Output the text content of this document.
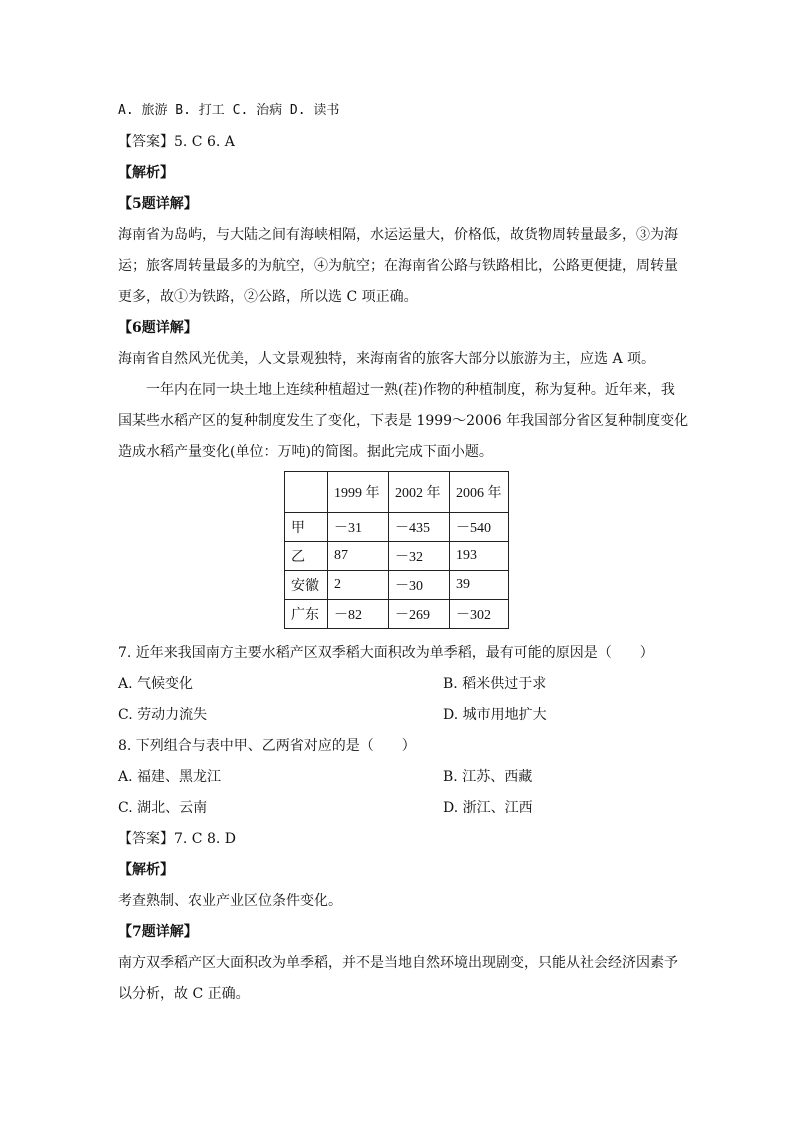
A. 旅游 B. 打工 C. 治病 D. 读书
【答案】5. C 6. A
【解析】
【5题详解】
海南省为岛屿，与大陆之间有海峡相隔，水运运量大，价格低，故货物周转量最多，③为海
运；旅客周转量最多的为航空，④为航空；在海南省公路与铁路相比，公路更便捷，周转量
更多，故①为铁路，②公路，所以选 C 项正确。
【6题详解】
海南省自然风光优美，人文景观独特，来海南省的旅客大部分以旅游为主，应选 A 项。
　　一年内在同一块土地上连续种植超过一熟(茬)作物的种植制度，称为复种。近年来，我
国某些水稻产区的复种制度发生了变化，下表是 1999～2006 年我国部分省区复种制度变化
造成水稻产量变化(单位：万吨)的简图。据此完成下面小题。
	1999 年	2002 年	2006 年
甲	－31	－435	－540
乙	87	－32	193
安徽	2	－30	39
广东	－82	－269	－302
7. 近年来我国南方主要水稻产区双季稻大面积改为单季稻，最有可能的原因是（　　）
A. 气候变化	B. 稻米供过于求
C. 劳动力流失	D. 城市用地扩大
8. 下列组合与表中甲、乙两省对应的是（　　）
A. 福建、黑龙江	B. 江苏、西藏
C. 湖北、云南	D. 浙江、江西
【答案】7. C 8. D
【解析】
考查熟制、农业产业区位条件变化。
【7题详解】
南方双季稻产区大面积改为单季稻，并不是当地自然环境出现剧变，只能从社会经济因素予
以分析，故 C 正确。
